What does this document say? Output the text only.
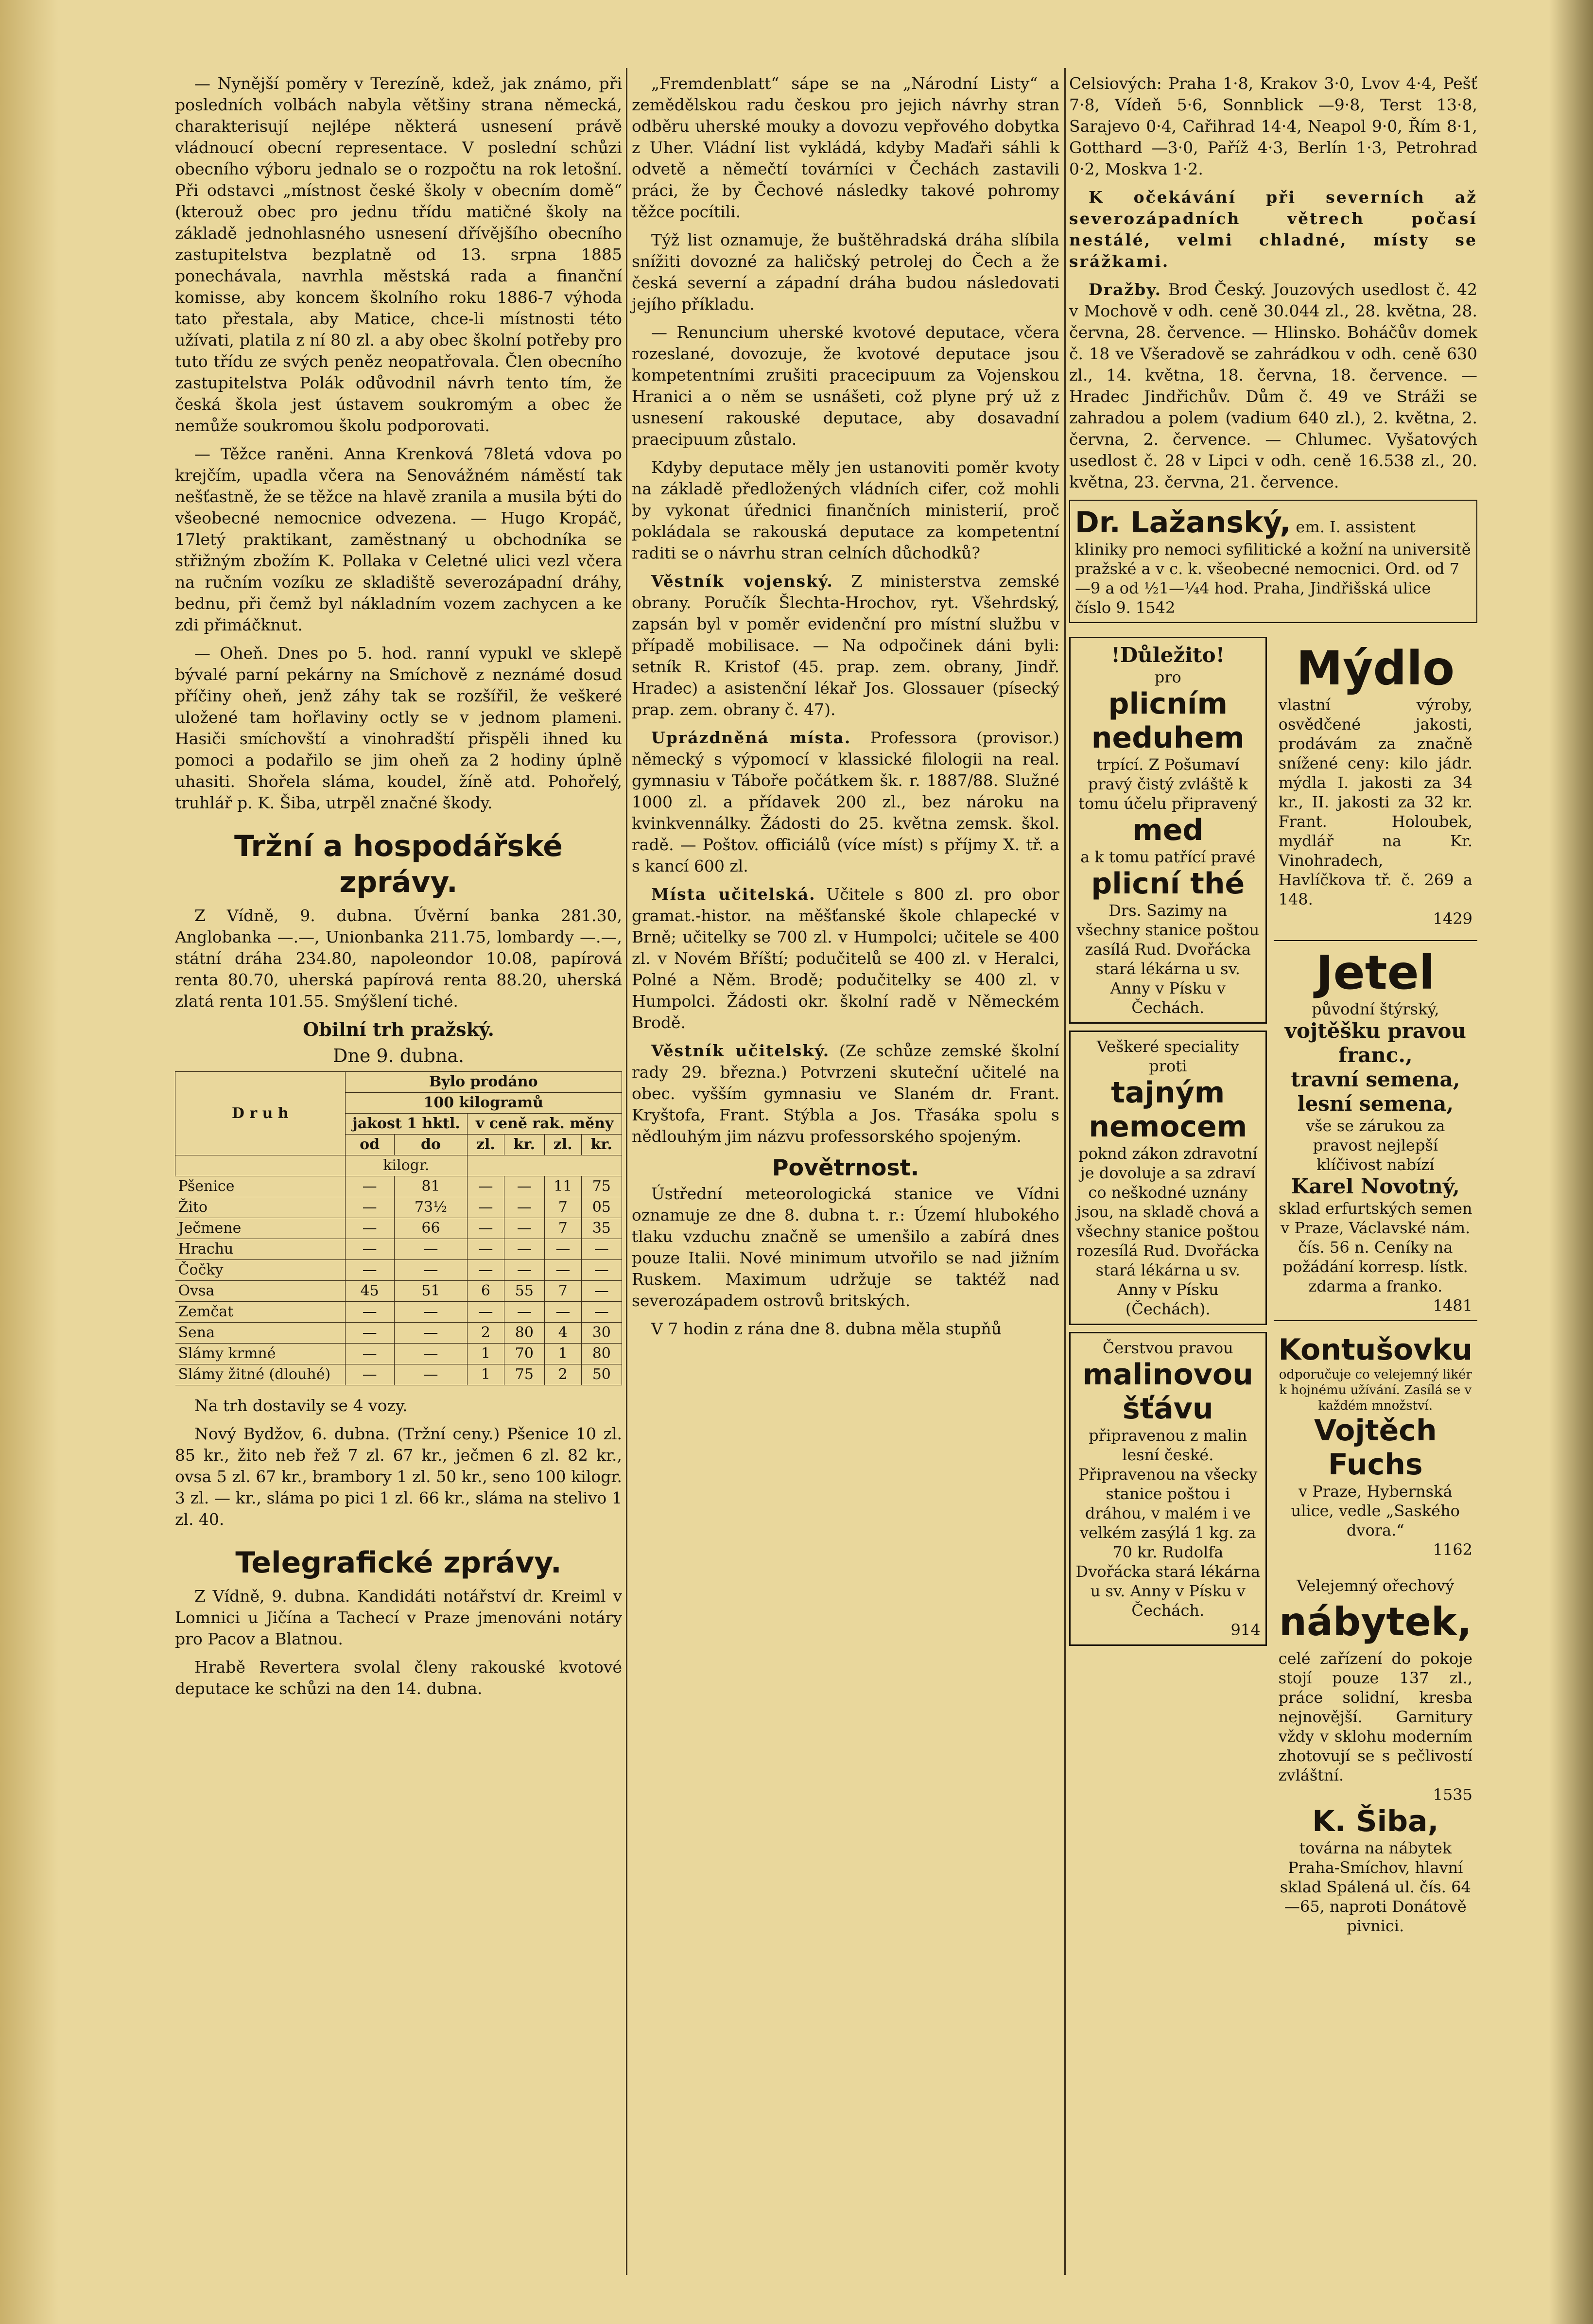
— Nynější poměry v Terezíně, kdež, jak známo, při posledních volbách nabyla většiny strana německá, charakterisují nejlépe některá usnesení právě vládnoucí obecní representace. V poslední schůzi obecního výboru jednalo se o rozpočtu na rok letošní. Při odstavci „místnost české školy v obecním domě“ (kterouž obec pro jednu třídu matičné školy na základě jednohlasného usnesení dřívějšího obecního zastupitelstva bezplatně od 13. srpna 1885 ponechávala, navrhla městská rada a finanční komisse, aby koncem školního roku 1886-7 výhoda tato přestala, aby Matice, chce-li místnosti této užívati, platila z ní 80 zl. a aby obec školní potřeby pro tuto třídu ze svých peněz neopatřovala. Člen obecního zastupitelstva Polák odůvodnil návrh tento tím, že česká škola jest ústavem soukromým a obec že nemůže soukromou školu podporovati.

— Těžce raněni. Anna Krenková 78letá vdova po krejčím, upadla včera na Senovážném náměstí tak nešťastně, že se těžce na hlavě zranila a musila býti do všeobecné nemocnice odvezena. — Hugo Kropáč, 17letý praktikant, zaměstnaný u obchodníka se střižným zbožím K. Pollaka v Celetné ulici vezl včera na ručním vozíku ze skladiště severozápadní dráhy, bednu, při čemž byl nákladním vozem zachycen a ke zdi přimáčknut.

— Oheň. Dnes po 5. hod. ranní vypukl ve sklepě bývalé parní pekárny na Smíchově z neznámé dosud příčiny oheň, jenž záhy tak se rozšířil, že veškeré uložené tam hořlaviny octly se v jednom plameni. Hasiči smíchovští a vinohradští přispěli ihned ku pomoci a podařilo se jim oheň za 2 hodiny úplně uhasiti. Shořela sláma, koudel, žíně atd. Pohořelý, truhlář p. K. Šiba, utrpěl značné škody.

Tržní a hospodářské zprávy.

Z Vídně, 9. dubna. Úvěrní banka 281.30, Anglobanka —.—, Unionbanka 211.75, lombardy —.—, státní dráha 234.80, napoleondor 10.08, papírová renta 80.70, uherská papírová renta 88.20, uherská zlatá renta 101.55. Smýšlení tiché.

Obilní trh pražský.
Dne 9. dubna.
D r u h	Bylo prodáno					
	100 kilogramů					
	jakost 1 hktl.		v ceně rak. měny			
	od	do	zl.	kr.	zl.	kr.
	kilogr.					
Pšenice	—	81	—	—	11	75
Žito	—	73½	—	—	7	05
Ječmene	—	66	—	—	7	35
Hrachu	—	—	—	—	—	—
Čočky	—	—	—	—	—	—
Ovsa	45	51	6	55	7	—
Zemčat	—	—	—	—	—	—
Sena	—	—	2	80	4	30
Slámy krmné	—	—	1	70	1	80
Slámy žitné (dlouhé)	—	—	1	75	2	50

Na trh dostavily se 4 vozy.

Nový Bydžov, 6. dubna. (Tržní ceny.) Pšenice 10 zl. 85 kr., žito neb řež 7 zl. 67 kr., ječmen 6 zl. 82 kr., ovsa 5 zl. 67 kr., brambory 1 zl. 50 kr., seno 100 kilogr. 3 zl. — kr., sláma po pici 1 zl. 66 kr., sláma na stelivo 1 zl. 40.

Telegrafické zprávy.

Z Vídně, 9. dubna. Kandidáti notářství dr. Kreiml v Lomnici u Jičína a Tachecí v Praze jmenováni notáry pro Pacov a Blatnou.

Hrabě Revertera svolal členy rakouské kvotové deputace ke schůzi na den 14. dubna.

„Fremdenblatt“ sápe se na „Národní Listy“ a zemědělskou radu českou pro jejich návrhy stran odběru uherské mouky a dovozu vepřového dobytka z Uher. Vládní list vykládá, kdyby Maďaři sáhli k odvetě a němečtí továrníci v Čechách zastavili práci, že by Čechové následky takové pohromy těžce pocítili.

Týž list oznamuje, že buštěhradská dráha slíbila snížiti dovozné za haličský petrolej do Čech a že česká severní a západní dráha budou následovati jejího příkladu.

— Renuncium uherské kvotové deputace, včera rozeslané, dovozuje, že kvotové deputace jsou kompetentními zrušiti pracecipuum za Vojenskou Hranici a o něm se usnášeti, což plyne prý už z usnesení rakouské deputace, aby dosavadní praecipuum zůstalo.

Kdyby deputace měly jen ustanoviti poměr kvoty na základě předložených vládních cifer, což mohli by vykonat úřednici finančních ministerií, proč pokládala se rakouská deputace za kompetentní raditi se o návrhu stran celních důchodků?

Věstník vojenský. Z ministerstva zemské obrany. Poručík Šlechta-Hrochov, ryt. Všehrdský, zapsán byl v poměr evidenční pro místní službu v případě mobilisace. — Na odpočinek dáni byli: setník R. Kristof (45. prap. zem. obrany, Jindř. Hradec) a asistenční lékař Jos. Glossauer (písecký prap. zem. obrany č. 47).

Uprázdněná místa. Professora (provisor.) německý s výpomocí v klassické filologii na real. gymnasiu v Táboře počátkem šk. r. 1887/88. Služné 1000 zl. a přídavek 200 zl., bez nároku na kvinkvennálky. Žádosti do 25. května zemsk. škol. radě. — Poštov. officiálů (více míst) s příjmy X. tř. a s kancí 600 zl.

Místa učitelská. Učitele s 800 zl. pro obor gramat.-histor. na měšťanské škole chlapecké v Brně; učitelky se 700 zl. v Humpolci; učitele se 400 zl. v Novém Bříští; podučitelů se 400 zl. v Heralci, Polné a Něm. Brodě; podučitelky se 400 zl. v Humpolci. Žádosti okr. školní radě v Německém Brodě.

Věstník učitelský. (Ze schůze zemské školní rady 29. března.) Potvrzeni skuteční učitelé na obec. vyšším gymnasiu ve Slaném dr. Frant. Kryštofa, Frant. Stýbla a Jos. Třasáka spolu s nědlouhým jim názvu professorského spojeným.

Povětrnost.

Ústřední meteorologická stanice ve Vídni oznamuje ze dne 8. dubna t. r.: Území hlubokého tlaku vzduchu značně se umenšilo a zabírá dnes pouze Italii. Nové minimum utvořilo se nad jižním Ruskem. Maximum udržuje se taktéž nad severozápadem ostrovů britských.

V 7 hodin z rána dne 8. dubna měla stupňů

Celsiových: Praha 1·8, Krakov 3·0, Lvov 4·4, Pešť 7·8, Vídeň 5·6, Sonnblick —9·8, Terst 13·8, Sarajevo 0·4, Cařihrad 14·4, Neapol 9·0, Řím 8·1, Gotthard —3·0, Paříž 4·3, Berlín 1·3, Petrohrad 0·2, Moskva 1·2.

K očekávání při severních až severozápadních větrech počasí nestálé, velmi chladné, místy se srážkami.

Dražby. Brod Český. Jouzových usedlost č. 42 v Mochově v odh. ceně 30.044 zl., 28. května, 28. června, 28. července. — Hlinsko. Boháčův domek č. 18 ve Všeradově se zahrádkou v odh. ceně 630 zl., 14. května, 18. června, 18. července. — Hradec Jindřichův. Dům č. 49 ve Stráži se zahradou a polem (vadium 640 zl.), 2. května, 2. června, 2. července. — Chlumec. Vyšatových usedlost č. 28 v Lipci v odh. ceně 16.538 zl., 20. května, 23. června, 21. července.

Dr. Lažanský, em. I. assistent kliniky pro nemoci syfilitické a kožní na universitě pražské a v c. k. všeobecné nemocnici. Ord. od 7—9 a od ½1—¼4 hod. Praha, Jindřišská ulice číslo 9. 1542
!Důležito!
pro
plicním neduhem
trpící. Z Pošumaví pravý čistý zvláště k tomu účelu připravený
med
a k tomu patřící pravé
plicní thé
Drs. Sazimy na všechny stanice poštou zasílá Rud. Dvořácka stará lékárna u sv. Anny v Písku v Čechách.
Veškeré speciality proti
tajným nemocem
poknd zákon zdravotní je dovoluje a sa zdraví co neškodné uznány jsou, na skladě chová a všechny stanice poštou rozesílá Rud. Dvořácka stará lékárna u sv. Anny v Písku (Čechách).
Čerstvou pravou
malinovou šťávu
připravenou z malin lesní české. Připravenou na všecky stanice poštou i dráhou, v malém i ve velkém zasýlá 1 kg. za 70 kr. Rudolfa Dvořácka stará lékárna u sv. Anny v Písku v Čechách.
914
Mýdlo
vlastní výroby, osvědčené jakosti, prodávám za značně snížené ceny: kilo jádr. mýdla I. jakosti za 34 kr., II. jakosti za 32 kr. Frant. Holoubek, mydlář na Kr. Vinohradech, Havlíčkova tř. č. 269 a 148.
1429
Jetel
původní štýrský,
vojtěšku pravou franc.,
travní semena,
lesní semena,
vše se zárukou za pravost nejlepší klíčivost nabízí
Karel Novotný,
sklad erfurtských semen v Praze, Václavské nám. čís. 56 n. Ceníky na požádání korresp. lístk. zdarma a franko.
1481
Kontušovku
odporučuje co velejemný likér k hojnému užívání. Zasílá se v každém množství.
Vojtěch Fuchs
v Praze, Hybernská ulice, vedle „Saského dvora.“
1162
Velejemný ořechový
nábytek,
celé zařízení do pokoje stojí pouze 137 zl., práce solidní, kresba nejnovější. Garnitury vždy v sklohu moderním zhotovují se s pečlivostí zvláštní.
1535
K. Šiba,
továrna na nábytek Praha-Smíchov, hlavní sklad Spálená ul. čís. 64—65, naproti Donátově pivnici.
